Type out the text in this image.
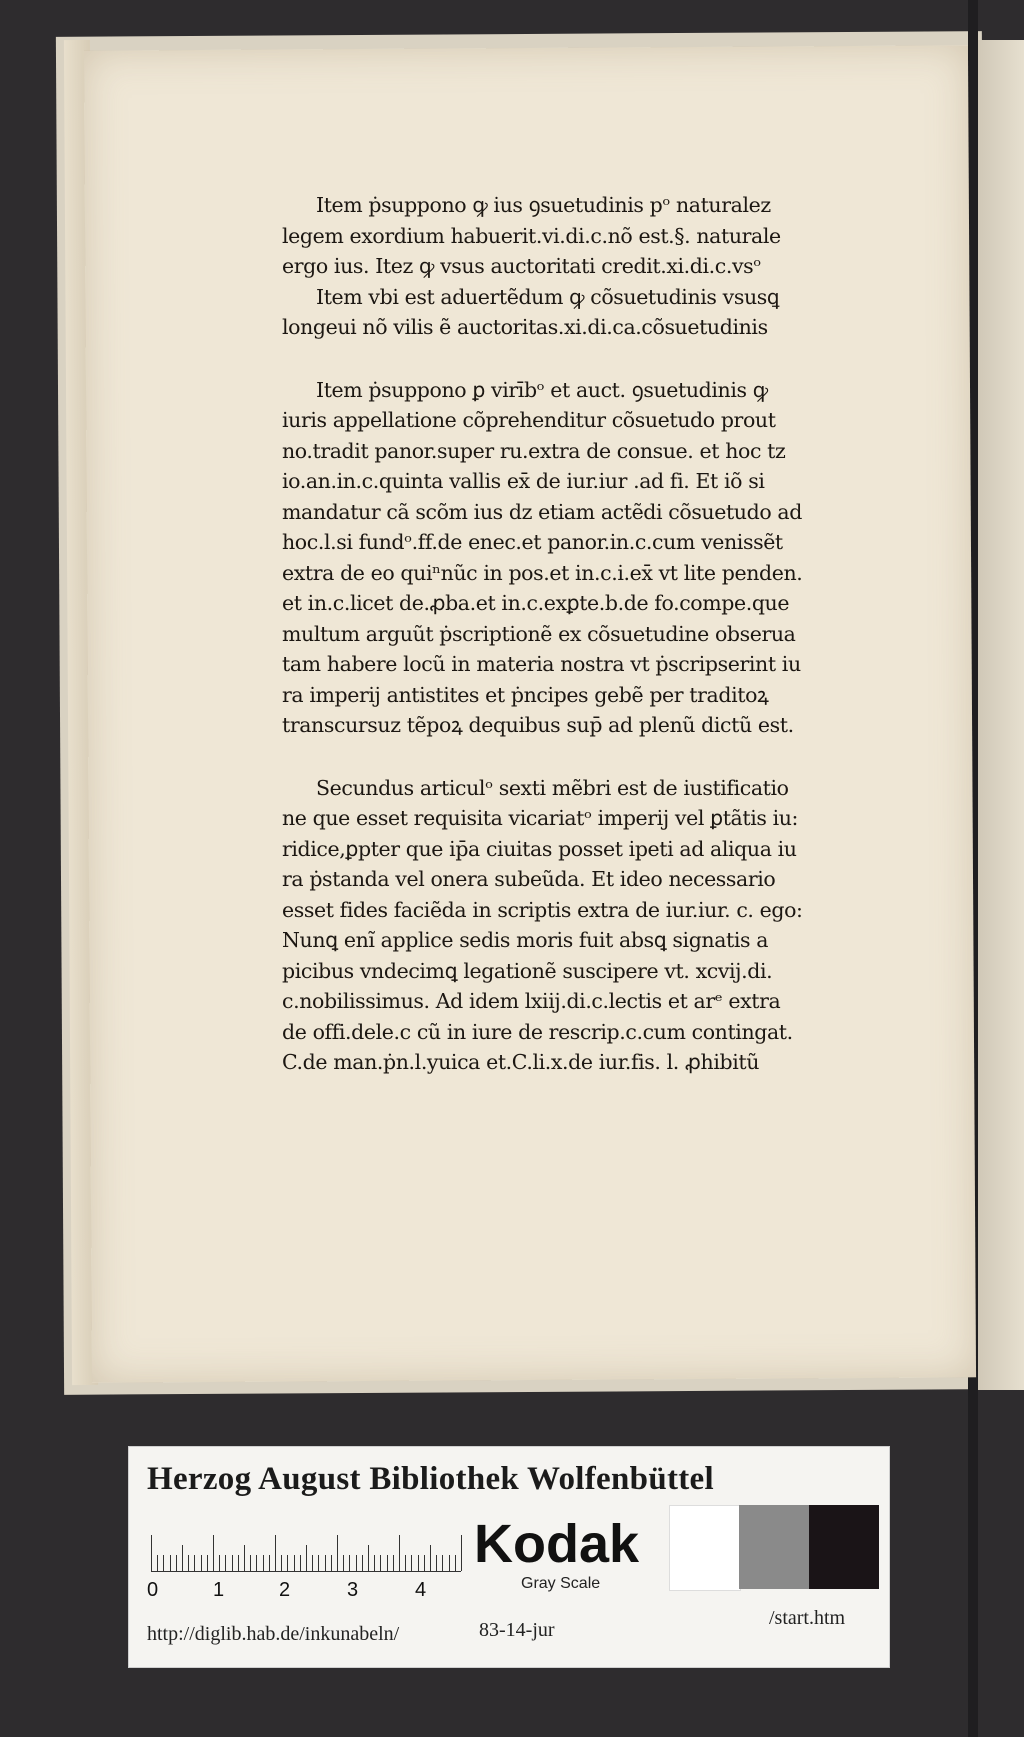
Item ṗsuppono ꝙ ius ꝯsuetudinis pᵒ naturalez
legem exordium habuerit.vi.di.c.nõ est.§. naturale
ergo ius. Itez ꝙ vsus auctoritati credit.xi.di.c.vsᵒ
Item vbi est aduertẽdum ꝙ cõsuetudinis vsusꝗ
longeui nõ vilis ẽ auctoritas.xi.di.ca.cõsuetudinis
Item ṗsuppono ꝑ virībᵒ et auct. ꝯsuetudinis ꝙ
iuris appellatione cõprehenditur cõsuetudo prout
no.tradit panor.super ru.extra de consue. et hoc tz
io.an.in.c.quinta vallis ex̄ de iur.iur .ad fi. Et iõ si
mandatur cã scõm ius dz etiam actẽdi cõsuetudo ad
hoc.l.si fundᵒ.ff.de enec.et panor.in.c.cum venissẽt
extra de eo quiⁿnũc in pos.et in.c.i.ex̄ vt lite penden.
et in.c.licet de.ꝓba.et in.c.exꝑte.b.de fo.compe.que
multum arguũt ṗscriptionẽ ex cõsuetudine obserua
tam habere locũ in materia nostra vt ṗscripserint iu
ra imperij antistites et ṗncipes gebẽ per traditoꝝ
transcursuz tẽpoꝝ dequibus sup̄ ad plenũ dictũ est.
Secundus articulᵒ sexti mẽbri est de iustificatio
ne que esset requisita vicariatᵒ imperij vel ꝑtãtis iu:
ridice,ꝑpter que ip̄a ciuitas posset ipeti ad aliqua iu
ra ṗstanda vel onera subeũda. Et ideo necessario
esset fides faciẽda in scriptis extra de iur.iur. c. ego:
Nunꝗ enĩ applice sedis moris fuit absꝗ signatis a
picibus vndecimꝗ legationẽ suscipere vt. xcvij.di.
c.nobilissimus. Ad idem lxiij.di.c.lectis et arᵉ extra
de offi.dele.c cũ in iure de rescrip.c.cum contingat.
C.de man.ṗn.l.yuica et.C.li.x.de iur.fis. l. ꝓhibitũ
Herzog August Bibliothek Wolfenbüttel
0	1	2	3	4
Kodak
Gray Scale
http://diglib.hab.de/inkunabeln/	83-14-jur
/start.htm
